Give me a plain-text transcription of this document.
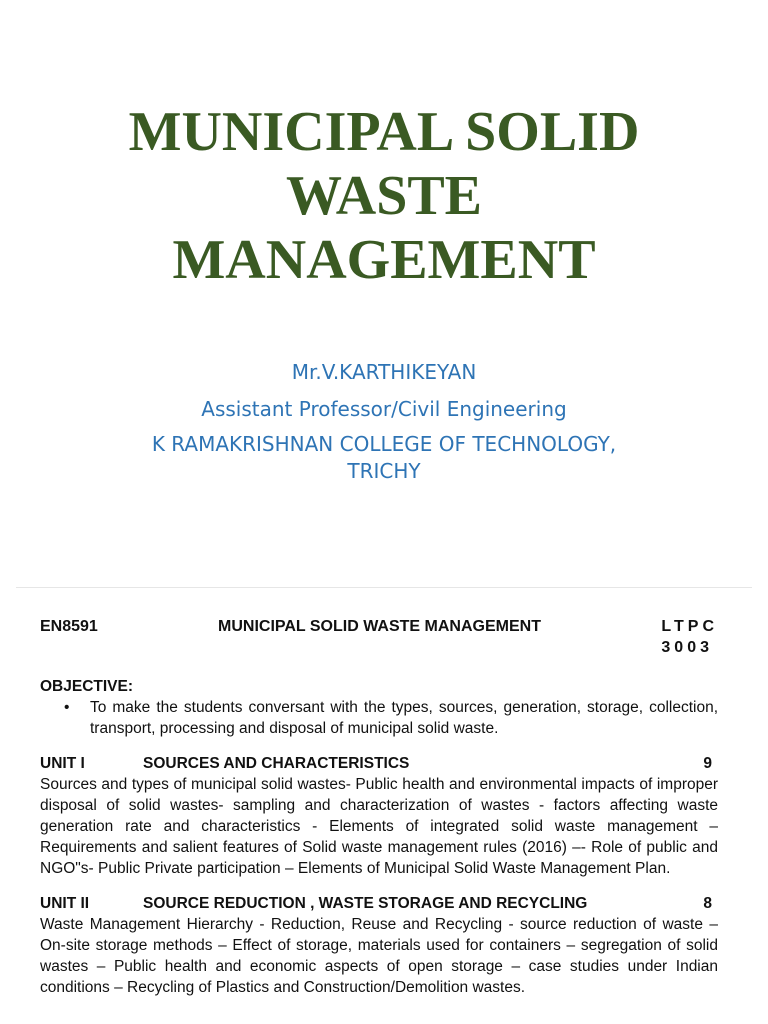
MUNICIPAL SOLID
WASTE
MANAGEMENT
Mr.V.KARTHIKEYAN
Assistant Professor/Civil Engineering
K RAMAKRISHNAN COLLEGE OF TECHNOLOGY,
TRICHY
EN8591	MUNICIPAL SOLID WASTE MANAGEMENT	LTPC
3003
OBJECTIVE:
• To make the students conversant with the types, sources, generation, storage, collection, transport, processing and disposal of municipal solid waste.
UNIT I	SOURCES AND CHARACTERISTICS	9
Sources and types of municipal solid wastes- Public health and environmental impacts of improper disposal of solid wastes- sampling and characterization of wastes - factors affecting waste generation rate and characteristics - Elements of integrated solid waste management – Requirements and salient features of Solid waste management rules (2016) –- Role of public and NGO"s- Public Private participation – Elements of Municipal Solid Waste Management Plan.
UNIT II	SOURCE REDUCTION , WASTE STORAGE AND RECYCLING	8
Waste Management Hierarchy - Reduction, Reuse and Recycling - source reduction of waste – On-site storage methods – Effect of storage, materials used for containers – segregation of solid wastes – Public health and economic aspects of open storage – case studies under Indian conditions – Recycling of Plastics and Construction/Demolition wastes.
